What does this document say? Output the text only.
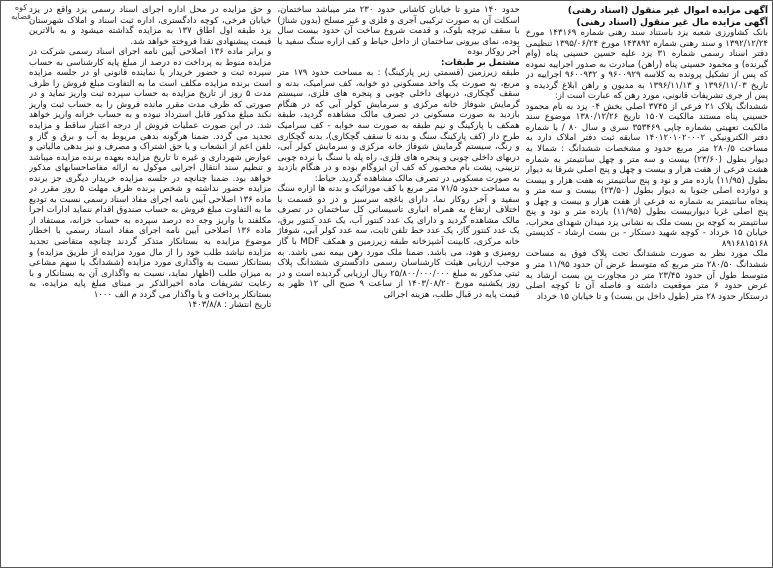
کوه فضایه

آگهی مزایده اموال غیر منقول (اسناد رهنی)

آگهی مزایده مال غیر منقول (اسناد رهنی)

بانک کشاورزی شعبه یزد باستناد سند رهنی شماره ۱۴۳۱۶۹ مورخ ۱۳۹۲/۱۲/۲۴ و سند رهنی شماره ۱۴۳۸۹۲ مورخ ۱۳۹۵/۰۶/۲۴ تنظیمی دفتر اسناد رسمی شماره ۳۱ یزد علیه حسین حسینی پناه (وام گیرنده) و محمود حسینی پناه (راهن) مبادرت به صدور اجراییه نموده که پس از تشکیل پرونده به کلاسه ۹۶۰۰۹۲۹ و ۹۶۰۰۹۳۲ اجراییه در تاریخ ۱۳۹۶/۱۱/۰۳ و ۱۳۹۶/۱۱/۱۳ به مدیون و راهن ابلاغ گردیده و پس از جری تشریفات قانونی، مورد رهن که عبارت است از:

ششدانگ پلاک ۲۱ فرعی از ۳۷۴۵ اصلی بخش ۰۴ یزد به نام محمود حسینی پناه مستند مالکیت ۱۵۰۷ تاریخ ۱۳۸۰/۱۲/۲۶ موضوع سند مالکیت تعهیتی بشماره چاپی ۳۵۳۴۶۹ سری و سال ۸۰ / با شماره دفتر الکترونیکی ۱۴۰۱۲۰۱۰۲۰۰۰۲ سابقه ثبت دفتر املاک دارد به مساحت ۲۸۰/۵ متر مربع حدود و مشخصات ششدانگ : شمالا به دیوار بطول (۲۳/۶۰) بیست و سه متر و چهل سانتیمتر به شماره هشت فرعی از هفت هزار و بیست و چهل و پنج اصلی شرقا به دیوار بطول (۱۱/۹۵) یازده متر و نود و پنج سانتیمتر به هفت هزار و بیست و دوازده اصلی جنوبا به دیوار بطول (۲۳/۵۰) بیست و سه متر و پنجاه سانتیمتر به شماره نه فرعی از هفت هزار و بیست و چهل و پنج اصلی غربا دیواربیست بطول (۱۱/۹۵) یازده متر و نود و پنج سانتیمتر به کوچه بن بست ملک به نشانی یزد میدان شهدای محراب، خیابان ۱۵ خرداد - کوچه شهید دستکار - بن بست ارشاد - کدپستی ۸۹۱۶۸۱۵۱۶۸

ملک مورد نظر به صورت ششدانگ تحت پلاک فوق به مساحت ششدانگ ۲۸۰/۵۰ متر مربع که متوسط عرض آن حدود ۱۱/۹۵ متر و متوسط طول آن حدود ۲۳/۴۵ متر در مجاورت بن بست ارشاد به عرض حدود ۶ متر موقعیت داشته و فاصله آن تا کوچه اصلی درستکار حدود ۲۸ متر (طول داخل بن بست) و تا خیابان ۱۵ خرداد

حدود ۱۴۰ مترو تا خیابان کاشانی حدود ۲۳۰ متر میباشد ساختمان، اسکلت آن به صورت ترکیبی آجری و فلزی و غیر مسلح (بدون شناژ) با سقف تیرچه بلوک، و قدمت شروع ساخت آن حدود بیست سال بوده، نمای بیرونی ساختمان از داخل حیاط و کف ازاره سنگ سفید با آجر روکار بوده

مشتمل بر طبقات:

طبقه زیرزمین (قسمتی زیر پارکینگ) : به مساحت حدود ۱۷۹ متر مربع، به صورت یک واحد مسکونی دو خوابه، کف سرامیک، بدنه و سقف گچکاری، دربهای داخلی چوبی و پنجره های فلزی، سیستم گرمایش شوفاژ خانه مرکزی و سرمایش کولر آبی که در هنگام بازدید به صورت مسکونی در تصرف مالک مشاهده گردید، طبقه همکف با پارکینگ و نیم طبقه به صورت سه خوابه - کف سرامیک طرح دار (کف پارکینگ سنگ و بدنه تا سقف گچکاری)، بدنه گچکاری و رنگ، سیستم گرمایش شوفاژ خانه مرکزی و سرمایش کولر آبی، دربهای داخلی چوبی و پنجره های فلزی، راه پله با سنگ با نرده چوبی تزیینی، پشت بام محصور که کف آن ایزوگام بوده و در هنگام بازدید به صورت مسکونی در تصرف مالک مشاهده گردید. حیاط:

به مساحت حدود ۷۱/۵ متر مربع با کف موزائیک و بدنه ها ازاره سنگ سفید و آجر روکار نما، دارای باغچه سرسبز و در دو قسمت با اختلاف ارتفاع به همراه انباری تاسیساتی کل ساختمان در تصرف مالک مشاهده گردید و دارای یک عدد کنتور آب، یک عدد کنتور برق، یک عدد کنتور گاز، یک عدد خط تلفن ثابت، سه عدد کولر آبی، شوفاژ خانه مرکزی، کابینت آشپزخانه طبقه زیرزمین و همکف MDF با گاز رومیزی و هود، می باشد. ضمنا ملک مورد رهن بیمه نمی باشد. به موجب ارزیابی هیئت کارشناسان رسمی دادگستری ششدانگ پلاک ثبتی مذکور به مبلغ ۲۵/۸۰۰/۰۰۰/۰۰۰ ریال ارزیابی گردیده است و در روز یکشنبه مورخ ۱۴۰۳/۰۸/۲۰ از ساعت ۹ صبح الی ۱۲ ظهر به قیمت پایه در قبال طلب، هزینه اجرائی

و حق مزایده در محل اداره اجرای اسناد رسمی یزد واقع در یزد خیابان فرخی، کوچه دادگستری، اداره ثبت اسناد و املاک شهرستان یزد طبقه اول اطاق ۱۳۷ به مزایده گذاشته میشود و به بالاترین قیمت پیشنهادی نقدا فروخته خواهد شد.

و برابر ماده ۱۳۶ اصلاحی آیین نامه اجرای اسناد رسمی شرکت در مزایده منوط به پرداخت ده درصد از مبلغ پایه کارشناسی به حساب سپرده ثبت و حضور خریدار یا نماینده قانونی او در جلسه مزایده است برنده مزایده مکلف است ما به التفاوت مبلغ فروش را ظرف مدت ۵ روز از تاریخ مزایده به حساب سپرده ثبت واریز نماید و در صورتی که ظرف مدت مقرر مانده فروش را به حساب ثبت واریز نکند مبلغ مذکور قابل استرداد نبوده و به حساب خزانه واریز خواهد شد. در این صورت عملیات فروش از درجه اعتبار ساقط و مزایده تجدید می گردد. ضمنا هرگونه بدهی مربوط به آب و برق و گاز و تلفن اعم از انشعاب و یا حق اشتراک و مصرف و نیز بدهی مالیاتی و عوارض شهرداری و غیره تا تاریخ مزایده بعهده برنده مزایده میباشد و تنظیم سند انتقال اجرایی موکول به ارائه مفاصاحسابهای مذکور خواهد بود. ضمنا چنانچه در جلسه مزایده خریدار دیگری جز برنده مزایده حضور نداشته و شخص برنده ظرف مهلت ۵ روز مقرر در ماده ۱۳۶ اصلاحی آیین نامه اجرای مفاد اسناد رسمی نسبت به تودیع ما به التفاوت مبلغ فروش به حساب صندوق اقدام ننماید ادارات اجرا مکلفند با واریز وجه ده درصد سپرده به حساب خزانه، مستفاد از ماده ۱۳۶ اصلاحی آیین نامه اجرای مفاد اسناد رسمی با اخطار موضوع مزایده به بستانکار متذکر گردند چنانچه متقاضی تجدید مزایده نباشد طلب خود را از مال مورد مزایده از طریق مزایده) و بستانکار نسبت به واگذاری مورد مزایده (ششدانگ یا سهم مشاعی به میزان طلب (اظهار نماید، نسبت به واگذاری آن به بستانکار و با رعایت تشریفات ماده اخیرالذکر بر مبنای مبلغ پایه مزایده، به بستانکار پرداخت و یا واگذار می گردد م الف ۱۰۰۰

تاریخ انتشار : ۱۴۰۳/۸/۸
